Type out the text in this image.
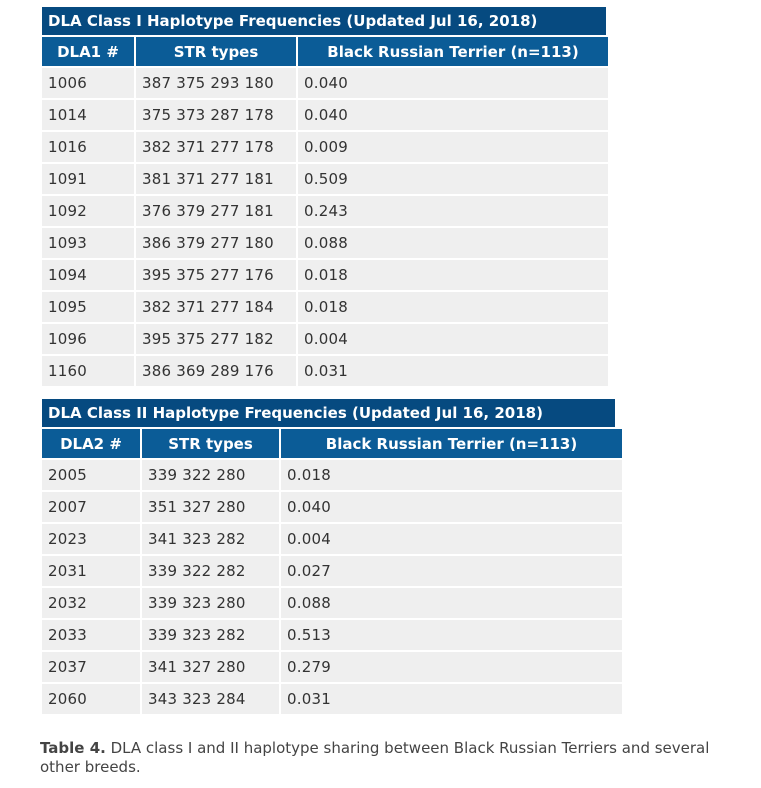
DLA Class I Haplotype Frequencies (Updated Jul 16, 2018)
DLA1 #	STR types	Black Russian Terrier (n=113)
1006	387 375 293 180	0.040
1014	375 373 287 178	0.040
1016	382 371 277 178	0.009
1091	381 371 277 181	0.509
1092	376 379 277 181	0.243
1093	386 379 277 180	0.088
1094	395 375 277 176	0.018
1095	382 371 277 184	0.018
1096	395 375 277 182	0.004
1160	386 369 289 176	0.031
DLA Class II Haplotype Frequencies (Updated Jul 16, 2018)
DLA2 #	STR types	Black Russian Terrier (n=113)
2005	339 322 280	0.018
2007	351 327 280	0.040
2023	341 323 282	0.004
2031	339 322 282	0.027
2032	339 323 280	0.088
2033	339 323 282	0.513
2037	341 327 280	0.279
2060	343 323 284	0.031
Table 4. DLA class I and II haplotype sharing between Black Russian Terriers and several other breeds.
